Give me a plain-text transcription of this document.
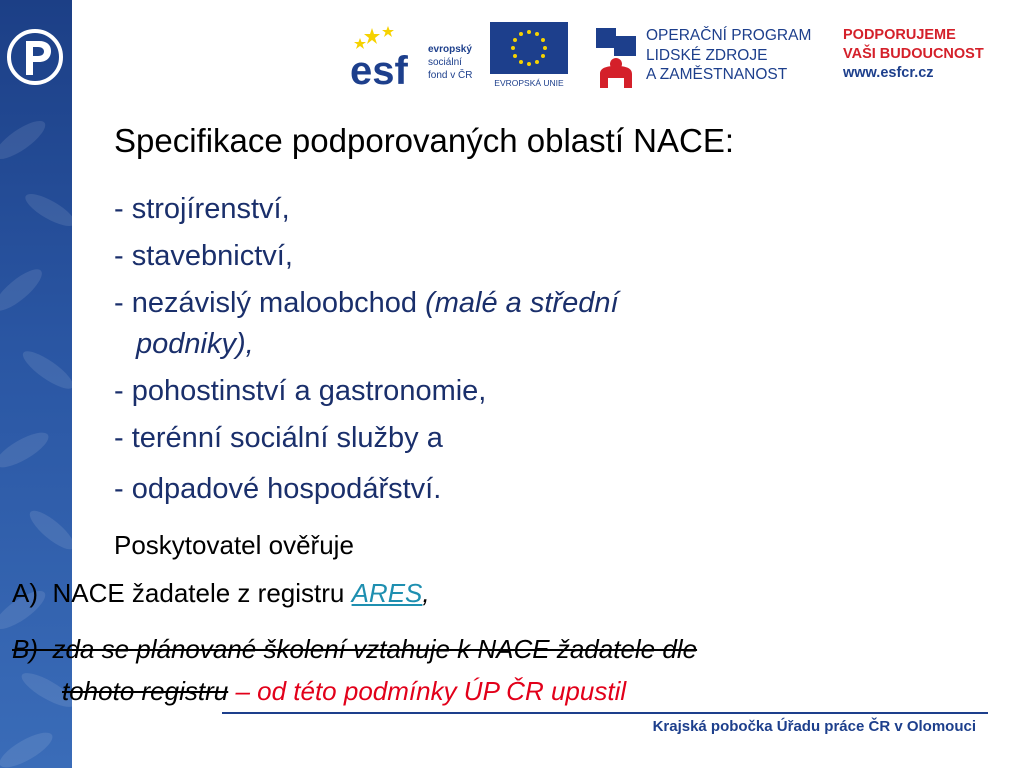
esf evropský
sociální
fond v ČR
EVROPSKÁ UNIE
OPERAČNÍ PROGRAM
LIDSKÉ ZDROJE
A ZAMĚSTNANOST
PODPORUJEME
VAŠI BUDOUCNOST
www.esfcr.cz
Specifikace podporovaných oblastí NACE:
- strojírenství,
- stavebnictví,
- nezávislý maloobchod (malé a střední
podniky),
- pohostinství a gastronomie,
- terénní sociální služby a
- odpadové hospodářství.
Poskytovatel ověřuje
A)  NACE žadatele z registru ARES,
B)  zda se plánované školení vztahuje k NACE žadatele dle
tohoto registru – od této podmínky ÚP ČR upustil
Krajská pobočka Úřadu práce ČR v Olomouci
